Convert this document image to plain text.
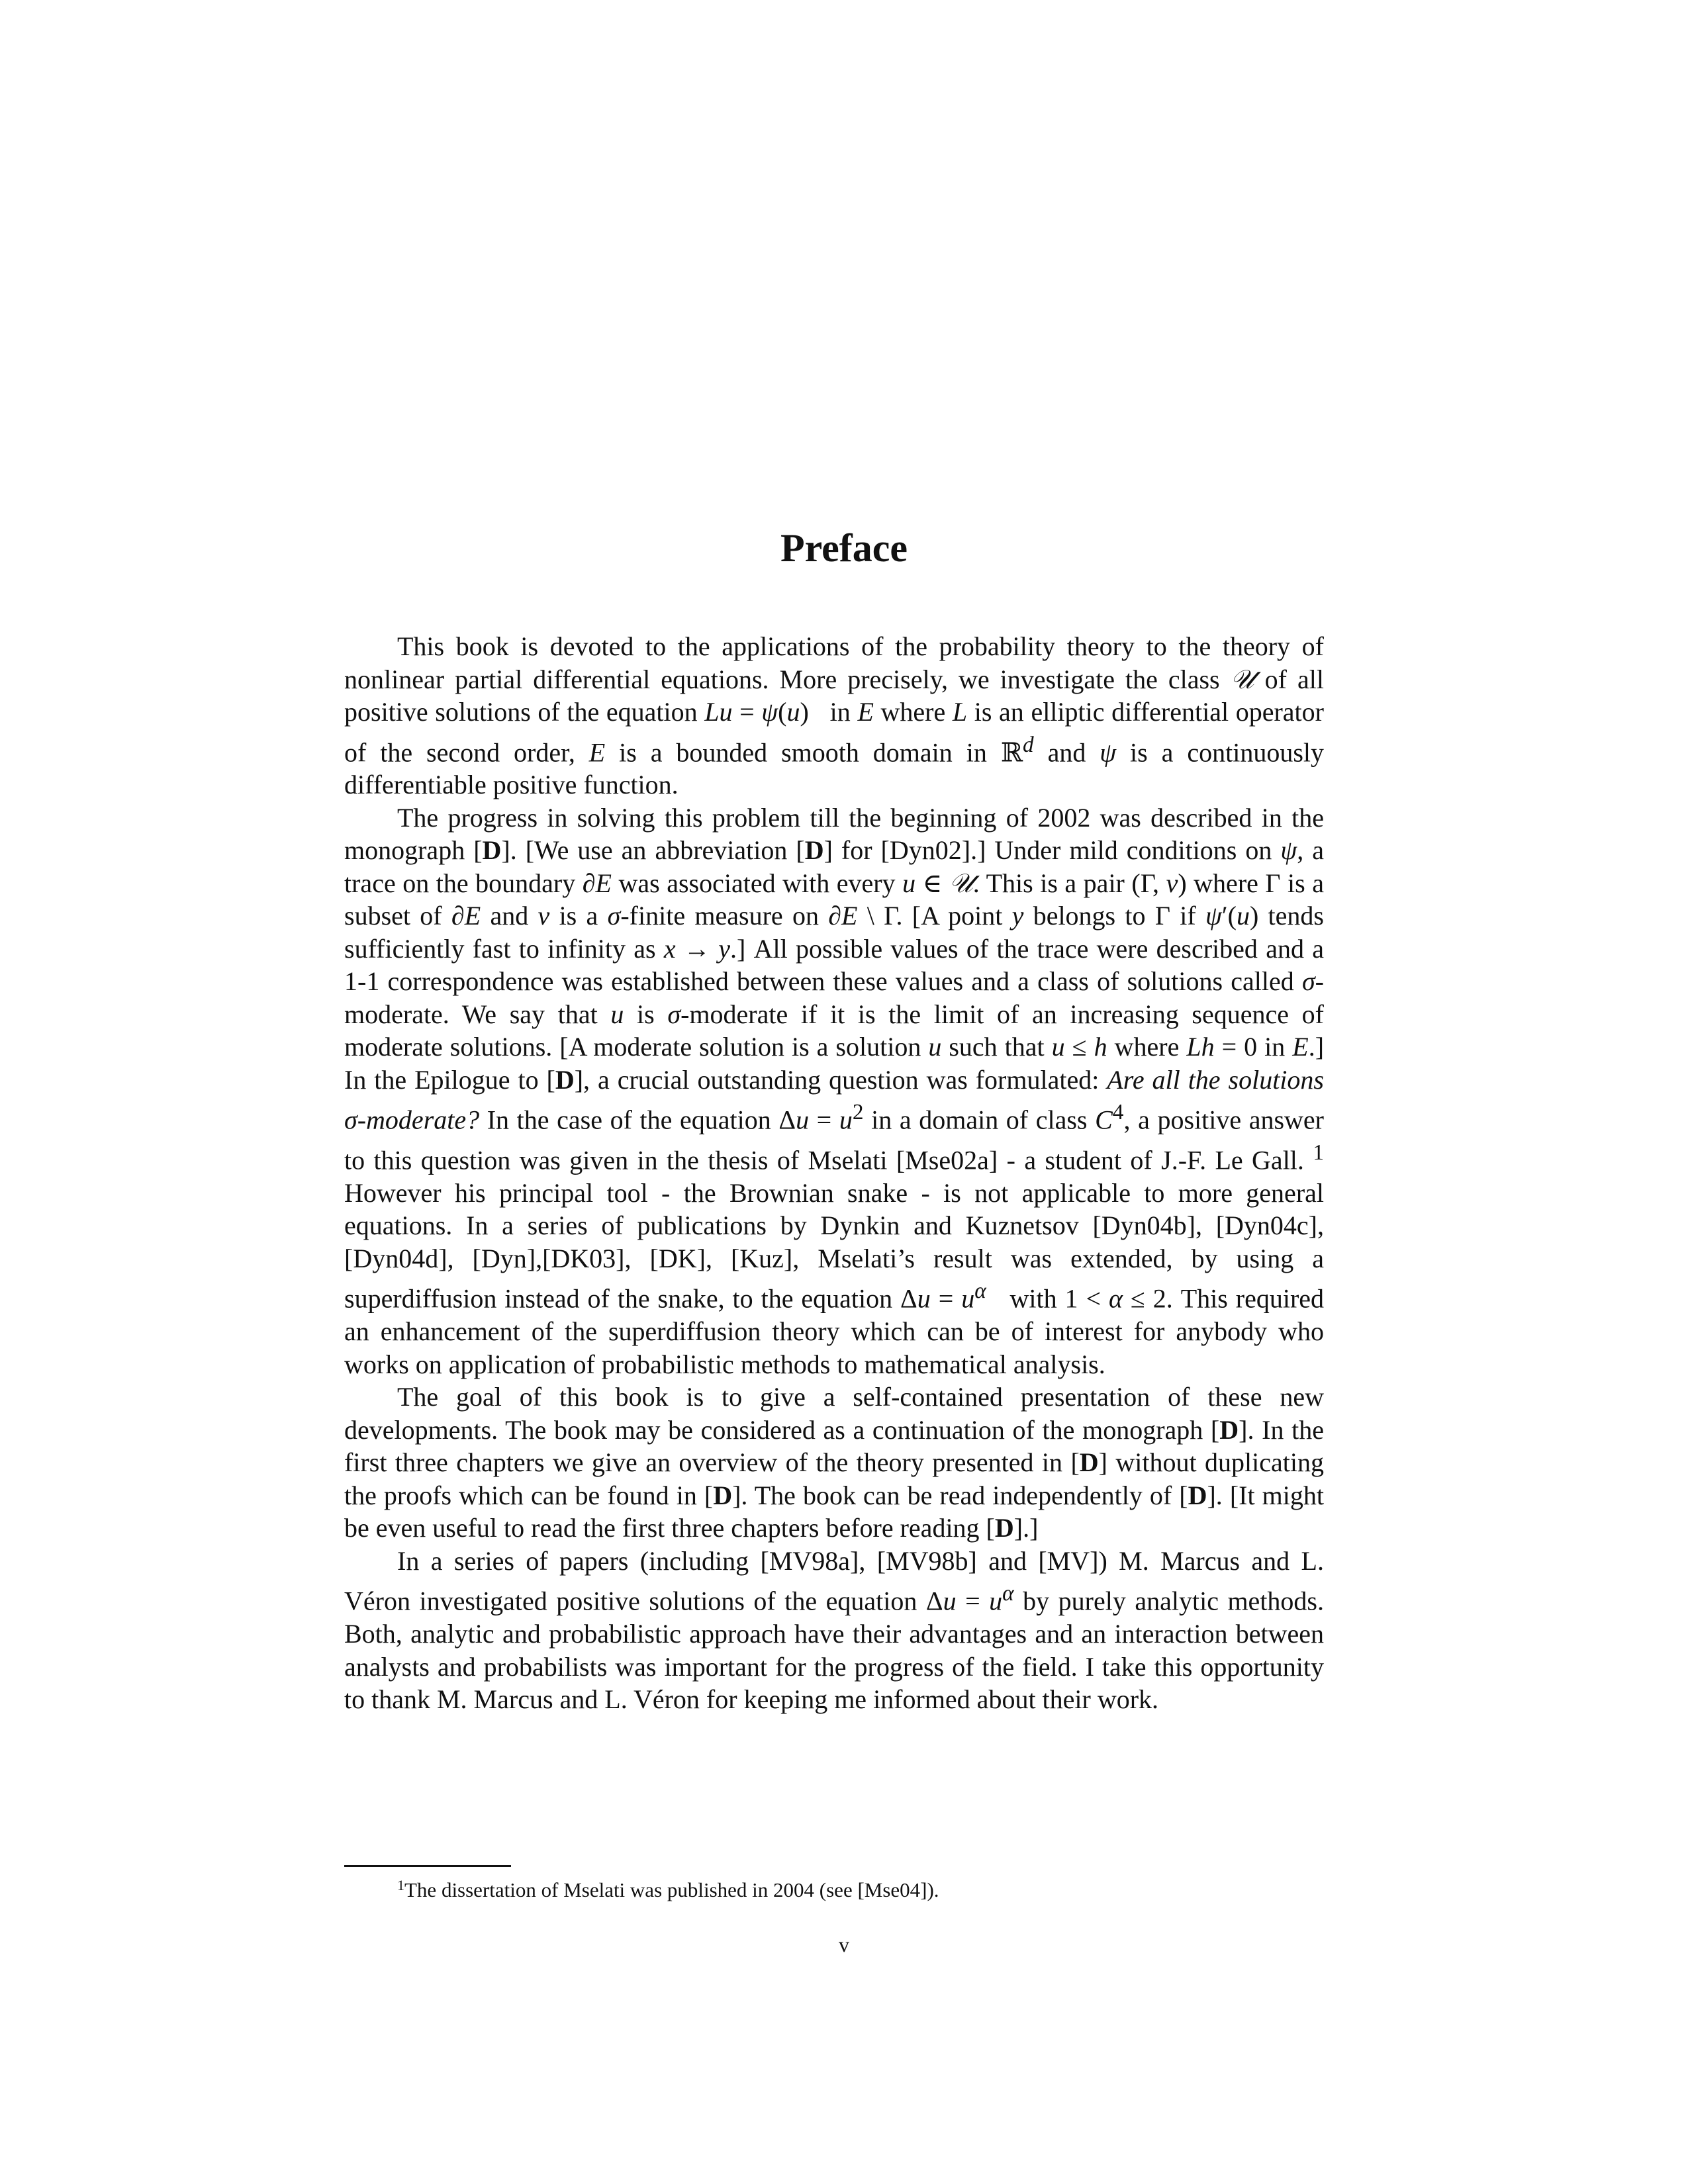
Preface

This book is devoted to the applications of the probability theory to the theory of nonlinear partial differential equations. More precisely, we investigate the class 𝒰 of all positive solutions of the equation Lu = ψ(u)   in E where L is an elliptic differential operator of the second order, E is a bounded smooth domain in ℝ$^d$ and ψ is a continuously differentiable positive function.

The progress in solving this problem till the beginning of 2002 was described in the monograph [D]. [We use an abbreviation [D] for [Dyn02].] Under mild conditions on ψ, a trace on the boundary ∂E was associated with every u ∈ 𝒰. This is a pair (Γ, ν) where Γ is a subset of ∂E and ν is a σ-finite measure on ∂E \ Γ. [A point y belongs to Γ if ψ′(u) tends sufficiently fast to infinity as x → y.] All possible values of the trace were described and a 1-1 correspondence was established between these values and a class of solutions called σ-moderate. We say that u is σ-moderate if it is the limit of an increasing sequence of moderate solutions. [A moderate solution is a solution u such that u ≤ h where Lh = 0 in E.] In the Epilogue to [D], a crucial outstanding question was formulated: Are all the solutions σ-moderate? In the case of the equation $\Delta u = u^2$ in a domain of class $C^4$, a positive answer to this question was given in the thesis of Mselati [Mse02a] - a student of J.-F. Le Gall. $^1$ However his principal tool - the Brownian snake - is not applicable to more general equations. In a series of publications by Dynkin and Kuznetsov [Dyn04b], [Dyn04c], [Dyn04d], [Dyn],[DK03], [DK], [Kuz], Mselati’s result was extended, by using a superdiffusion instead of the snake, to the equation $\Delta u = u^\alpha$   with 1 < α ≤ 2. This required an enhancement of the superdiffusion theory which can be of interest for anybody who works on application of probabilistic methods to mathematical analysis.

The goal of this book is to give a self-contained presentation of these new developments. The book may be considered as a continuation of the monograph [D]. In the first three chapters we give an overview of the theory presented in [D] without duplicating the proofs which can be found in [D]. The book can be read independently of [D]. [It might be even useful to read the first three chapters before reading [D].]

In a series of papers (including [MV98a], [MV98b] and [MV]) M. Marcus and L. Véron investigated positive solutions of the equation $\Delta u = u^\alpha$ by purely analytic methods. Both, analytic and probabilistic approach have their advantages and an interaction between analysts and probabilists was important for the progress of the field. I take this opportunity to thank M. Marcus and L. Véron for keeping me informed about their work.

$^1$The dissertation of Mselati was published in 2004 (see [Mse04]).
v
